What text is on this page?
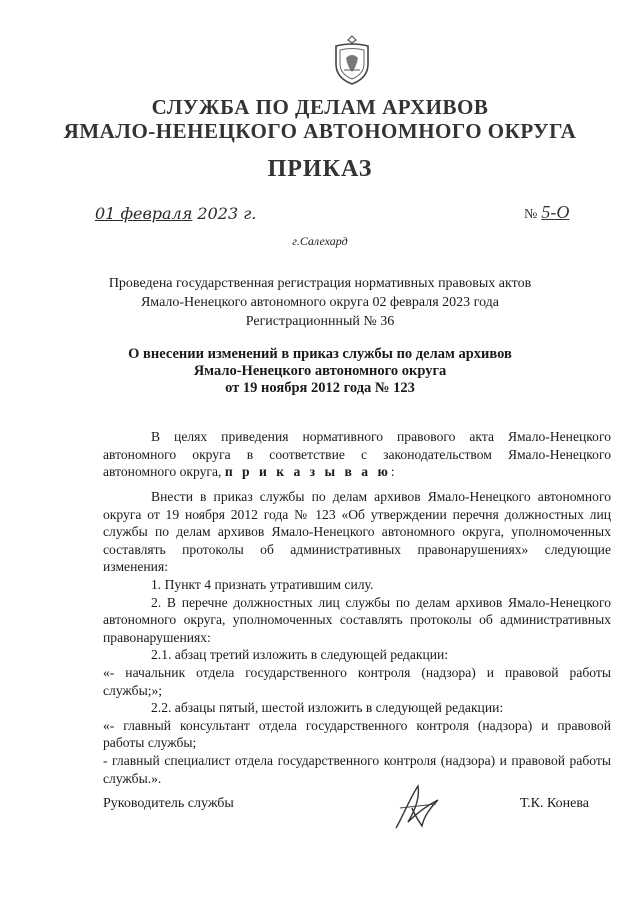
СЛУЖБА ПО ДЕЛАМ АРХИВОВ
ЯМАЛО-НЕНЕЦКОГО АВТОНОМНОГО ОКРУГА
ПРИКАЗ
01 февраля 2023 г.	№ 5-О
г.Салехард
Проведена государственная регистрация нормативных правовых актов
Ямало-Ненецкого автономного округа 02 февраля 2023 года
Регистрационнный № 36
О внесении изменений в приказ службы по делам архивов
Ямало-Ненецкого автономного округа
от 19 ноября 2012 года № 123
В целях приведения нормативного правового акта Ямало-Ненецкого автономного округа в соответствие с законодательством Ямало-Ненецкого автономного округа, п р и к а з ы в а ю:

Внести в приказ службы по делам архивов Ямало-Ненецкого автономного округа от 19 ноября 2012 года № 123 «Об утверждении перечня должностных лиц службы по делам архивов Ямало-Ненецкого автономного округа, уполномоченных составлять протоколы об административных правонарушениях» следующие изменения:

1. Пункт 4 признать утратившим силу.

2. В перечне должностных лиц службы по делам архивов Ямало-Ненецкого автономного округа, уполномоченных составлять протоколы об административных правонарушениях:

2.1. абзац третий изложить в следующей редакции:

«- начальник отдела государственного контроля (надзора) и правовой работы службы;»;

2.2. абзацы пятый, шестой изложить в следующей редакции:

«- главный консультант отдела государственного контроля (надзора) и правовой работы службы;

- главный специалист отдела государственного контроля (надзора) и правовой работы службы.».

Руководитель службы	Т.К. Конева
